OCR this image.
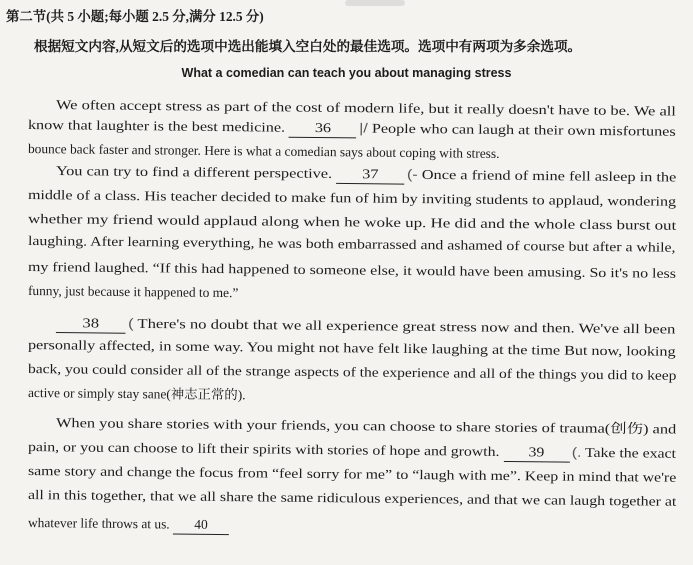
第二节(共 5 小题;每小题 2.5 分,满分 12.5 分)
根据短文内容,从短文后的选项中选出能填入空白处的最佳选项。选项中有两项为多余选项。
What a comedian can teach you about managing stress
We often accept stress as part of the cost of modern life, but it really doesn't have to be. We all
know that laughter is the best medicine. 36 |/ People who can laugh at their own misfortunes
bounce back faster and stronger. Here is what a comedian says about coping with stress.
You can try to find a different perspective. 37 (- Once a friend of mine fell asleep in the
middle of a class. His teacher decided to make fun of him by inviting students to applaud, wondering
whether my friend would applaud along when he woke up. He did and the whole class burst out
laughing. After learning everything, he was both embarrassed and ashamed of course but after a while,
my friend laughed. “If this had happened to someone else, it would have been amusing. So it's no less
funny, just because it happened to me.”
38 ( There's no doubt that we all experience great stress now and then. We've all been
personally affected, in some way. You might not have felt like laughing at the time But now, looking
back, you could consider all of the strange aspects of the experience and all of the things you did to keep
active or simply stay sane(神志正常的).
When you share stories with your friends, you can choose to share stories of trauma(创伤) and
pain, or you can choose to lift their spirits with stories of hope and growth. 39 (. Take the exact
same story and change the focus from “feel sorry for me” to “laugh with me”. Keep in mind that we're
all in this together, that we all share the same ridiculous experiences, and that we can laugh together at
whatever life throws at us. 40
